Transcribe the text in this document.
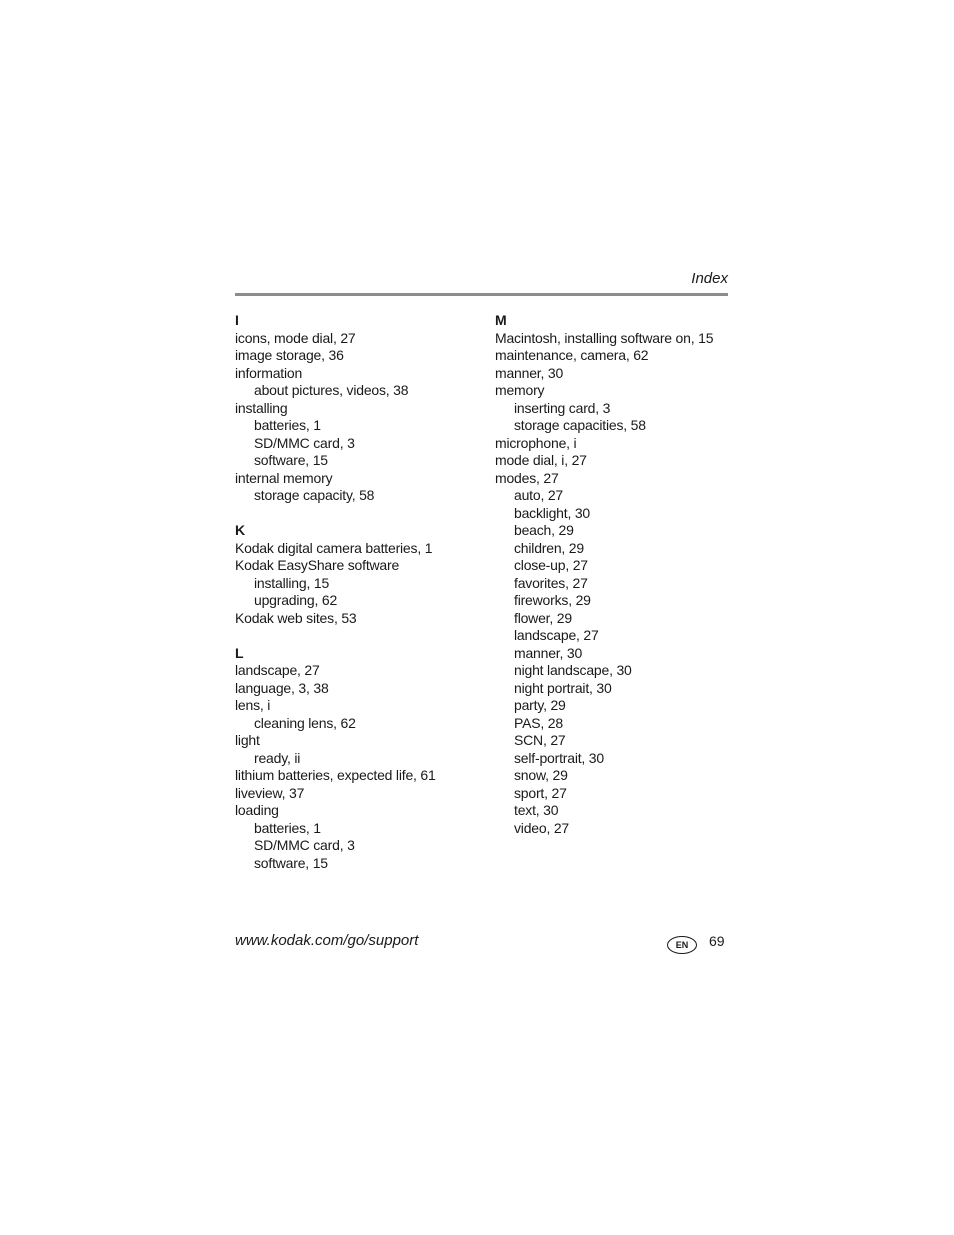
Index
I
icons, mode dial, 27
image storage, 36
information
about pictures, videos, 38
installing
batteries, 1
SD/MMC card, 3
software, 15
internal memory
storage capacity, 58
K
Kodak digital camera batteries, 1
Kodak EasyShare software
installing, 15
upgrading, 62
Kodak web sites, 53
L
landscape, 27
language, 3, 38
lens, i
cleaning lens, 62
light
ready, ii
lithium batteries, expected life, 61
liveview, 37
loading
batteries, 1
SD/MMC card, 3
software, 15
M
Macintosh, installing software on, 15
maintenance, camera, 62
manner, 30
memory
inserting card, 3
storage capacities, 58
microphone, i
mode dial, i, 27
modes, 27
auto, 27
backlight, 30
beach, 29
children, 29
close-up, 27
favorites, 27
fireworks, 29
flower, 29
landscape, 27
manner, 30
night landscape, 30
night portrait, 30
party, 29
PAS, 28
SCN, 27
self-portrait, 30
snow, 29
sport, 27
text, 30
video, 27
www.kodak.com/go/support	EN	69
